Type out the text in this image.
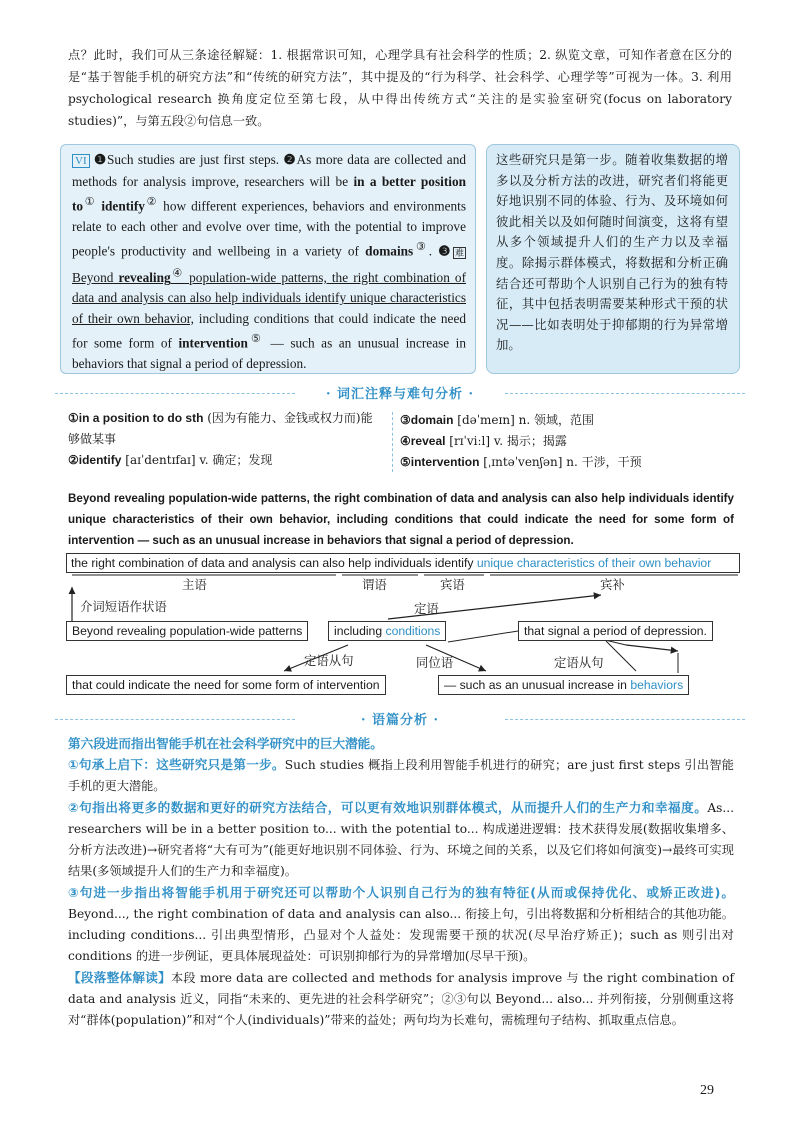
点？此时，我们可从三条途径解疑：1. 根据常识可知，心理学具有社会科学的性质；2. 纵览文章，可知作者意在区分的是“基于智能手机的研究方法”和“传统的研究方法”，其中提及的“行为科学、社会科学、心理学等”可视为一体。3. 利用 psychological research 换角度定位至第七段，从中得出传统方式“关注的是实验室研究(focus on laboratory studies)”，与第五段②句信息一致。
VI ❶Such studies are just first steps. ❷As more data are collected and methods for analysis improve, researchers will be in a better position to① identify② how different experiences, behaviors and environments relate to each other and evolve over time, with the potential to improve people's productivity and wellbeing in a variety of domains③. ❸ 难 Beyond revealing④ population-wide patterns, the right combination of data and analysis can also help individuals identify unique characteristics of their own behavior, including conditions that could indicate the need for some form of intervention⑤ — such as an unusual increase in behaviors that signal a period of depression.
这些研究只是第一步。随着收集数据的增多以及分析方法的改进，研究者们将能更好地识别不同的体验、行为、及环境如何彼此相关以及如何随时间演变，这将有望从多个领域提升人们的生产力以及幸福度。除揭示群体模式，将数据和分析正确结合还可帮助个人识别自己行为的独有特征，其中包括表明需要某种形式干预的状况——比如表明处于抑郁期的行为异常增加。
· 词汇注释与难句分析 ·
①in a position to do sth (因为有能力、金钱或权力而)能够做某事
②identify [aɪˈdentɪfaɪ] v. 确定；发现
③domain [dəˈmeɪn] n. 领域，范围
④reveal [rɪˈviːl] v. 揭示；揭露
⑤intervention [ˌɪntəˈvenʃən] n. 干涉，干预
Beyond revealing population-wide patterns, the right combination of data and analysis can also help individuals identify unique characteristics of their own behavior, including conditions that could indicate the need for some form of intervention — such as an unusual increase in behaviors that signal a period of depression.
the right combination of data and analysis can also help individuals identify unique characteristics of their own behavior
主语	谓语	宾语	宾补
介词短语作状语	定语
Beyond revealing population-wide patterns	including conditions	that signal a period of depression.
定语从句	同位语	定语从句
that could indicate the need for some form of intervention	— such as an unusual increase in behaviors
· 语篇分析 ·
第六段进而指出智能手机在社会科学研究中的巨大潜能。
①句承上启下：这些研究只是第一步。Such studies 概指上段利用智能手机进行的研究；are just first steps 引出智能手机的更大潜能。
②句指出将更多的数据和更好的研究方法结合，可以更有效地识别群体模式，从而提升人们的生产力和幸福度。As... researchers will be in a better position to... with the potential to... 构成递进逻辑：技术获得发展(数据收集增多、分析方法改进)→研究者将“大有可为”(能更好地识别不同体验、行为、环境之间的关系，以及它们将如何演变)→最终可实现结果(多领域提升人们的生产力和幸福度)。
③句进一步指出将智能手机用于研究还可以帮助个人识别自己行为的独有特征(从而或保持优化、或矫正改进)。Beyond..., the right combination of data and analysis can also... 衔接上句，引出将数据和分析相结合的其他功能。including conditions... 引出典型情形，凸显对个人益处：发现需要干预的状况(尽早治疗矫正)；such as 则引出对 conditions 的进一步例证，更具体展现益处：可识别抑郁行为的异常增加(尽早干预)。
【段落整体解读】本段 more data are collected and methods for analysis improve 与 the right combination of data and analysis 近义，同指“未来的、更先进的社会科学研究”；②③句以 Beyond... also... 并列衔接，分别侧重这将对“群体(population)”和对“个人(individuals)”带来的益处；两句均为长难句，需梳理句子结构、抓取重点信息。
29
